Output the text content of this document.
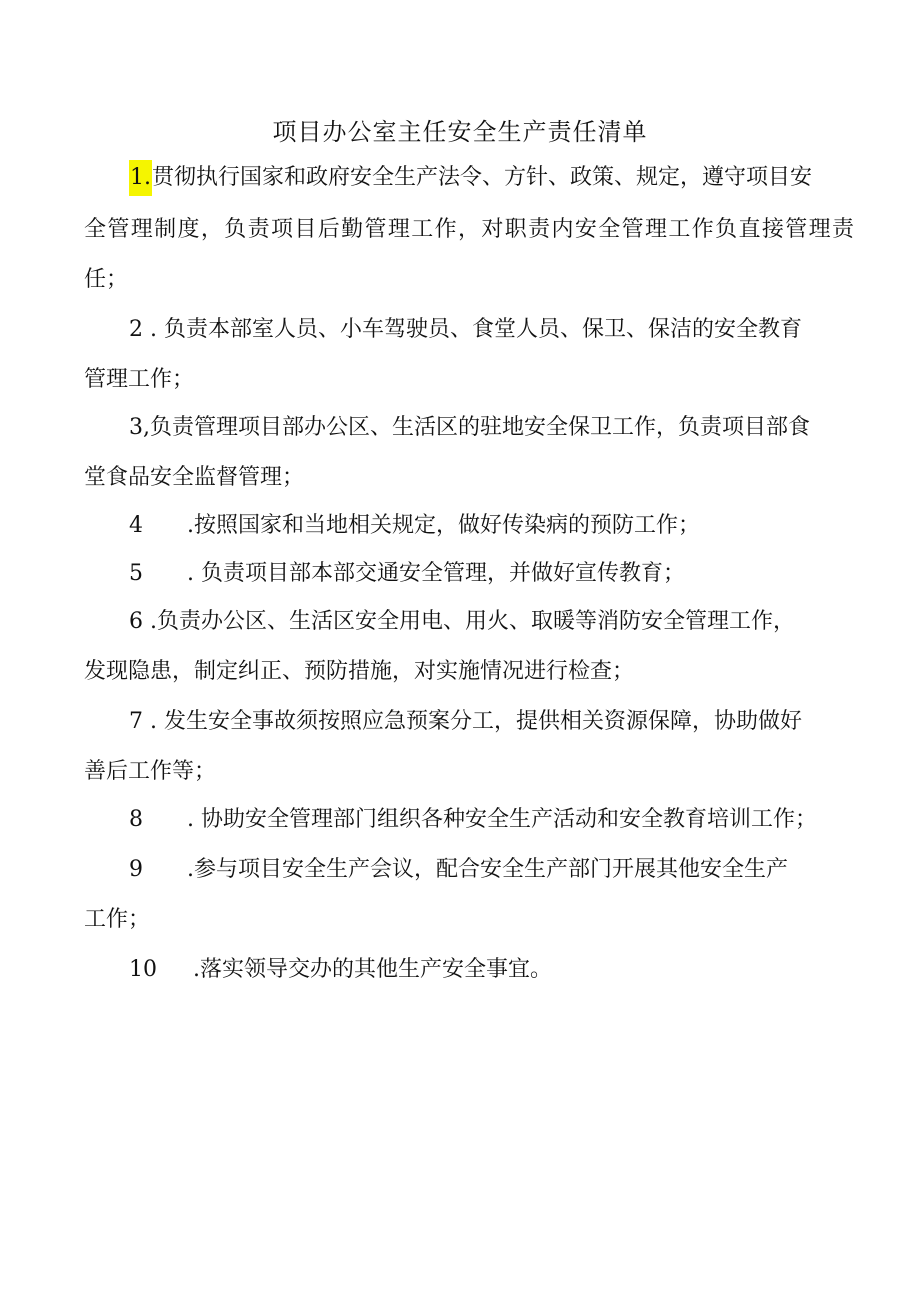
项目办公室主任安全生产责任清单
1.贯彻执行国家和政府安全生产法令、方针、政策、规定，遵守项目安
全管理制度，负责项目后勤管理工作，对职责内安全管理工作负直接管理责
任；
2 . 负责本部室人员、小车驾驶员、食堂人员、保卫、保洁的安全教育
管理工作；
3,负责管理项目部办公区、生活区的驻地安全保卫工作，负责项目部食
堂食品安全监督管理；
4 .按照国家和当地相关规定，做好传染病的预防工作；
5 . 负责项目部本部交通安全管理，并做好宣传教育；
6 .负责办公区、生活区安全用电、用火、取暖等消防安全管理工作，
发现隐患，制定纠正、预防措施，对实施情况进行检查；
7 . 发生安全事故须按照应急预案分工，提供相关资源保障，协助做好
善后工作等；
8 . 协助安全管理部门组织各种安全生产活动和安全教育培训工作；
9 .参与项目安全生产会议，配合安全生产部门开展其他安全生产
工作；
10 .落实领导交办的其他生产安全事宜。
